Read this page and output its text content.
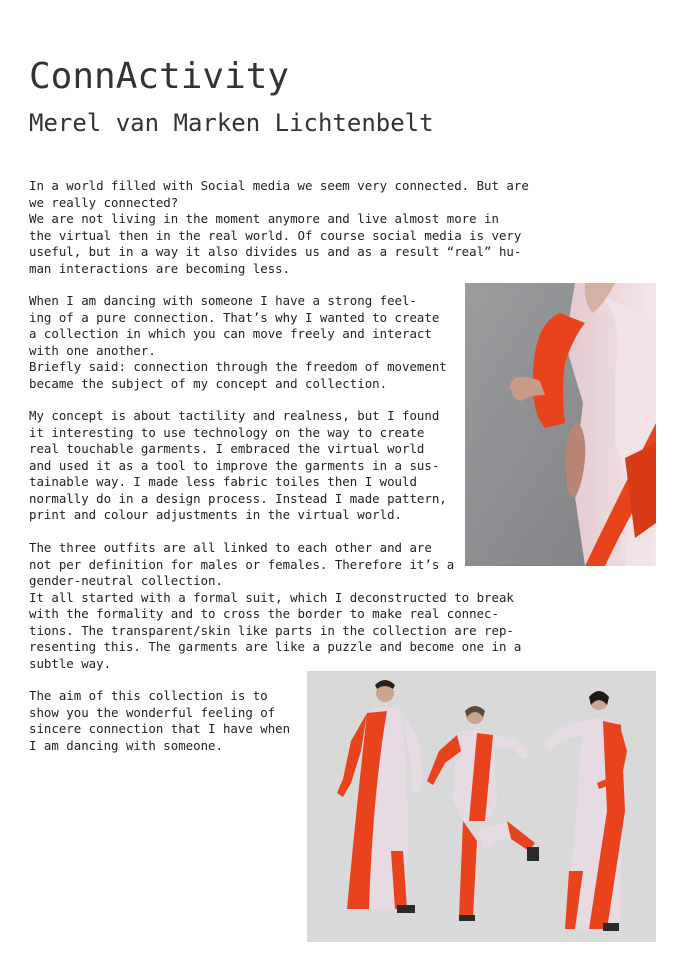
ConnActivity
Merel van Marken Lichtenbelt
In a world filled with Social media we seem very connected. But are
we really connected?
We are not living in the moment anymore and live almost more in
the virtual then in the real world. Of course social media is very
useful, but in a way it also divides us and as a result “real” hu-
man interactions are becoming less.
When I am dancing with someone I have a strong feel-
ing of a pure connection. That’s why I wanted to create
a collection in which you can move freely and interact
with one another.
Briefly said: connection through the freedom of movement
became the subject of my concept and collection.
My concept is about tactility and realness, but I found
it interesting to use technology on the way to create
real touchable garments. I embraced the virtual world
and used it as a tool to improve the garments in a sus-
tainable way. I made less fabric toiles then I would
normally do in a design process. Instead I made pattern,
print and colour adjustments in the virtual world.
The three outfits are all linked to each other and are
not per definition for males or females. Therefore it’s a
gender-neutral collection.
It all started with a formal suit, which I deconstructed to break
with the formality and to cross the border to make real connec-
tions. The transparent/skin like parts in the collection are rep-
resenting this. The garments are like a puzzle and become one in a
subtle way.
The aim of this collection is to
show you the wonderful feeling of
sincere connection that I have when
I am dancing with someone.
